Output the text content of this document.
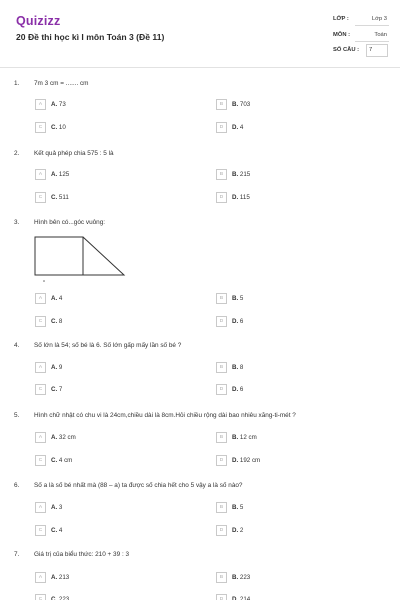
Quizizz
20 Đề thi học kì I môn Toán 3 (Đề 11)
LỚP :	Lớp 3
MÔN :	Toán
SỐ CÂU : 7
1. 7m 3 cm = ....... cm
A	A. 73	B	B. 703
C	C. 10	D	D. 4
2. Kết quả phép chia 575 : 5 là
A	A. 125	B	B. 215
C	C. 511	D	D. 115
3. Hình bên có...góc vuông:
A	A. 4	B	B. 5
C	C. 8	D	D. 6
4. Số lớn là 54; số bé là 6. Số lớn gấp mấy lần số bé ?
A	A. 9	B	B. 8
C	C. 7	D	D. 6
5. Hình chữ nhật có chu vi là 24cm,chiều dài là 8cm.Hỏi chiều rộng dài bao nhiêu xăng-ti-mét ?
A	A. 32 cm	B	B. 12 cm
C	C. 4 cm	D	D. 192 cm
6. Số a là số bé nhất mà (88 – a) ta được số chia hết cho 5 vậy a là số nào?
A	A. 3	B	B. 5
C	C. 4	D	D. 2
7. Giá trị của biểu thức: 210 + 39 : 3
A	A. 213	B	B. 223
C	C. 223	D	D. 214
